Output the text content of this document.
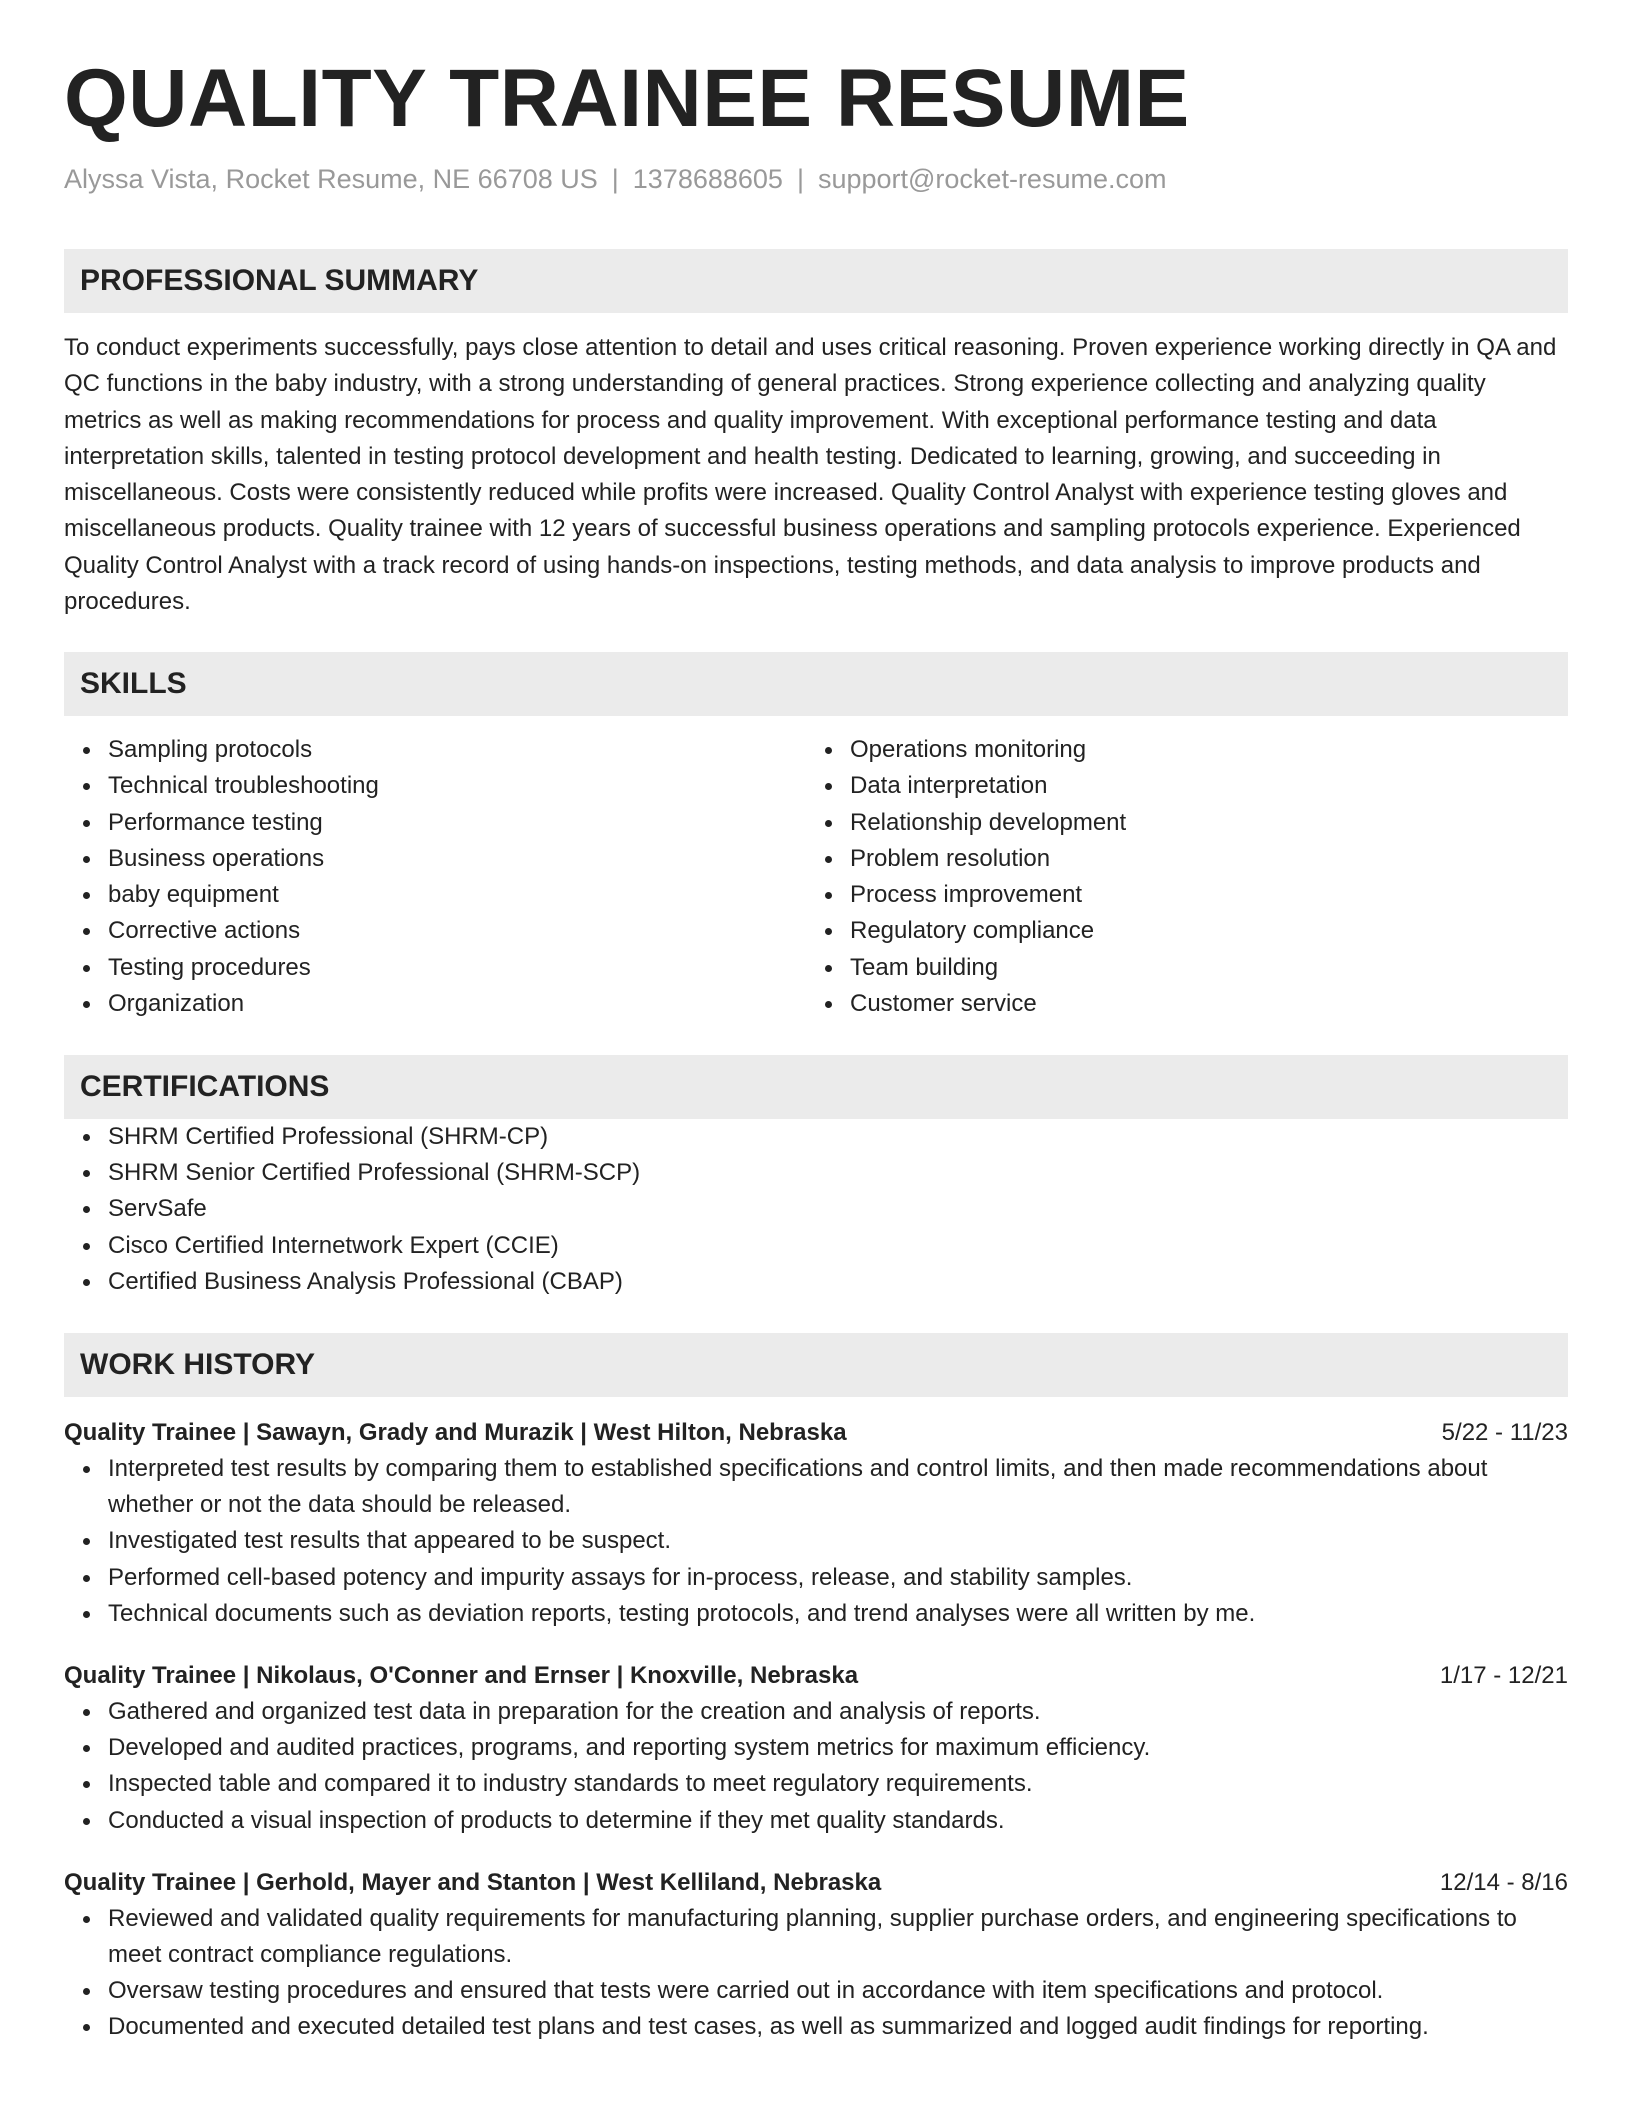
QUALITY TRAINEE RESUME
Alyssa Vista, Rocket Resume, NE 66708 US | 1378688605 | support@rocket-resume.com
PROFESSIONAL SUMMARY

To conduct experiments successfully, pays close attention to detail and uses critical reasoning. Proven experience working directly in QA and QC functions in the baby industry, with a strong understanding of general practices. Strong experience collecting and analyzing quality metrics as well as making recommendations for process and quality improvement. With exceptional performance testing and data interpretation skills, talented in testing protocol development and health testing. Dedicated to learning, growing, and succeeding in miscellaneous. Costs were consistently reduced while profits were increased. Quality Control Analyst with experience testing gloves and miscellaneous products. Quality trainee with 12 years of successful business operations and sampling protocols experience. Experienced Quality Control Analyst with a track record of using hands-on inspections, testing methods, and data analysis to improve products and procedures.

SKILLS
Sampling protocols
Technical troubleshooting
Performance testing
Business operations
baby equipment
Corrective actions
Testing procedures
Organization
Operations monitoring
Data interpretation
Relationship development
Problem resolution
Process improvement
Regulatory compliance
Team building
Customer service
CERTIFICATIONS
SHRM Certified Professional (SHRM-CP)
SHRM Senior Certified Professional (SHRM-SCP)
ServSafe
Cisco Certified Internetwork Expert (CCIE)
Certified Business Analysis Professional (CBAP)
WORK HISTORY
Quality Trainee | Sawayn, Grady and Murazik | West Hilton, Nebraska	5/22 - 11/23
Interpreted test results by comparing them to established specifications and control limits, and then made recommendations about whether or not the data should be released.
Investigated test results that appeared to be suspect.
Performed cell-based potency and impurity assays for in-process, release, and stability samples.
Technical documents such as deviation reports, testing protocols, and trend analyses were all written by me.
Quality Trainee | Nikolaus, O'Conner and Ernser | Knoxville, Nebraska	1/17 - 12/21
Gathered and organized test data in preparation for the creation and analysis of reports.
Developed and audited practices, programs, and reporting system metrics for maximum efficiency.
Inspected table and compared it to industry standards to meet regulatory requirements.
Conducted a visual inspection of products to determine if they met quality standards.
Quality Trainee | Gerhold, Mayer and Stanton | West Kelliland, Nebraska	12/14 - 8/16
Reviewed and validated quality requirements for manufacturing planning, supplier purchase orders, and engineering specifications to meet contract compliance regulations.
Oversaw testing procedures and ensured that tests were carried out in accordance with item specifications and protocol.
Documented and executed detailed test plans and test cases, as well as summarized and logged audit findings for reporting.
